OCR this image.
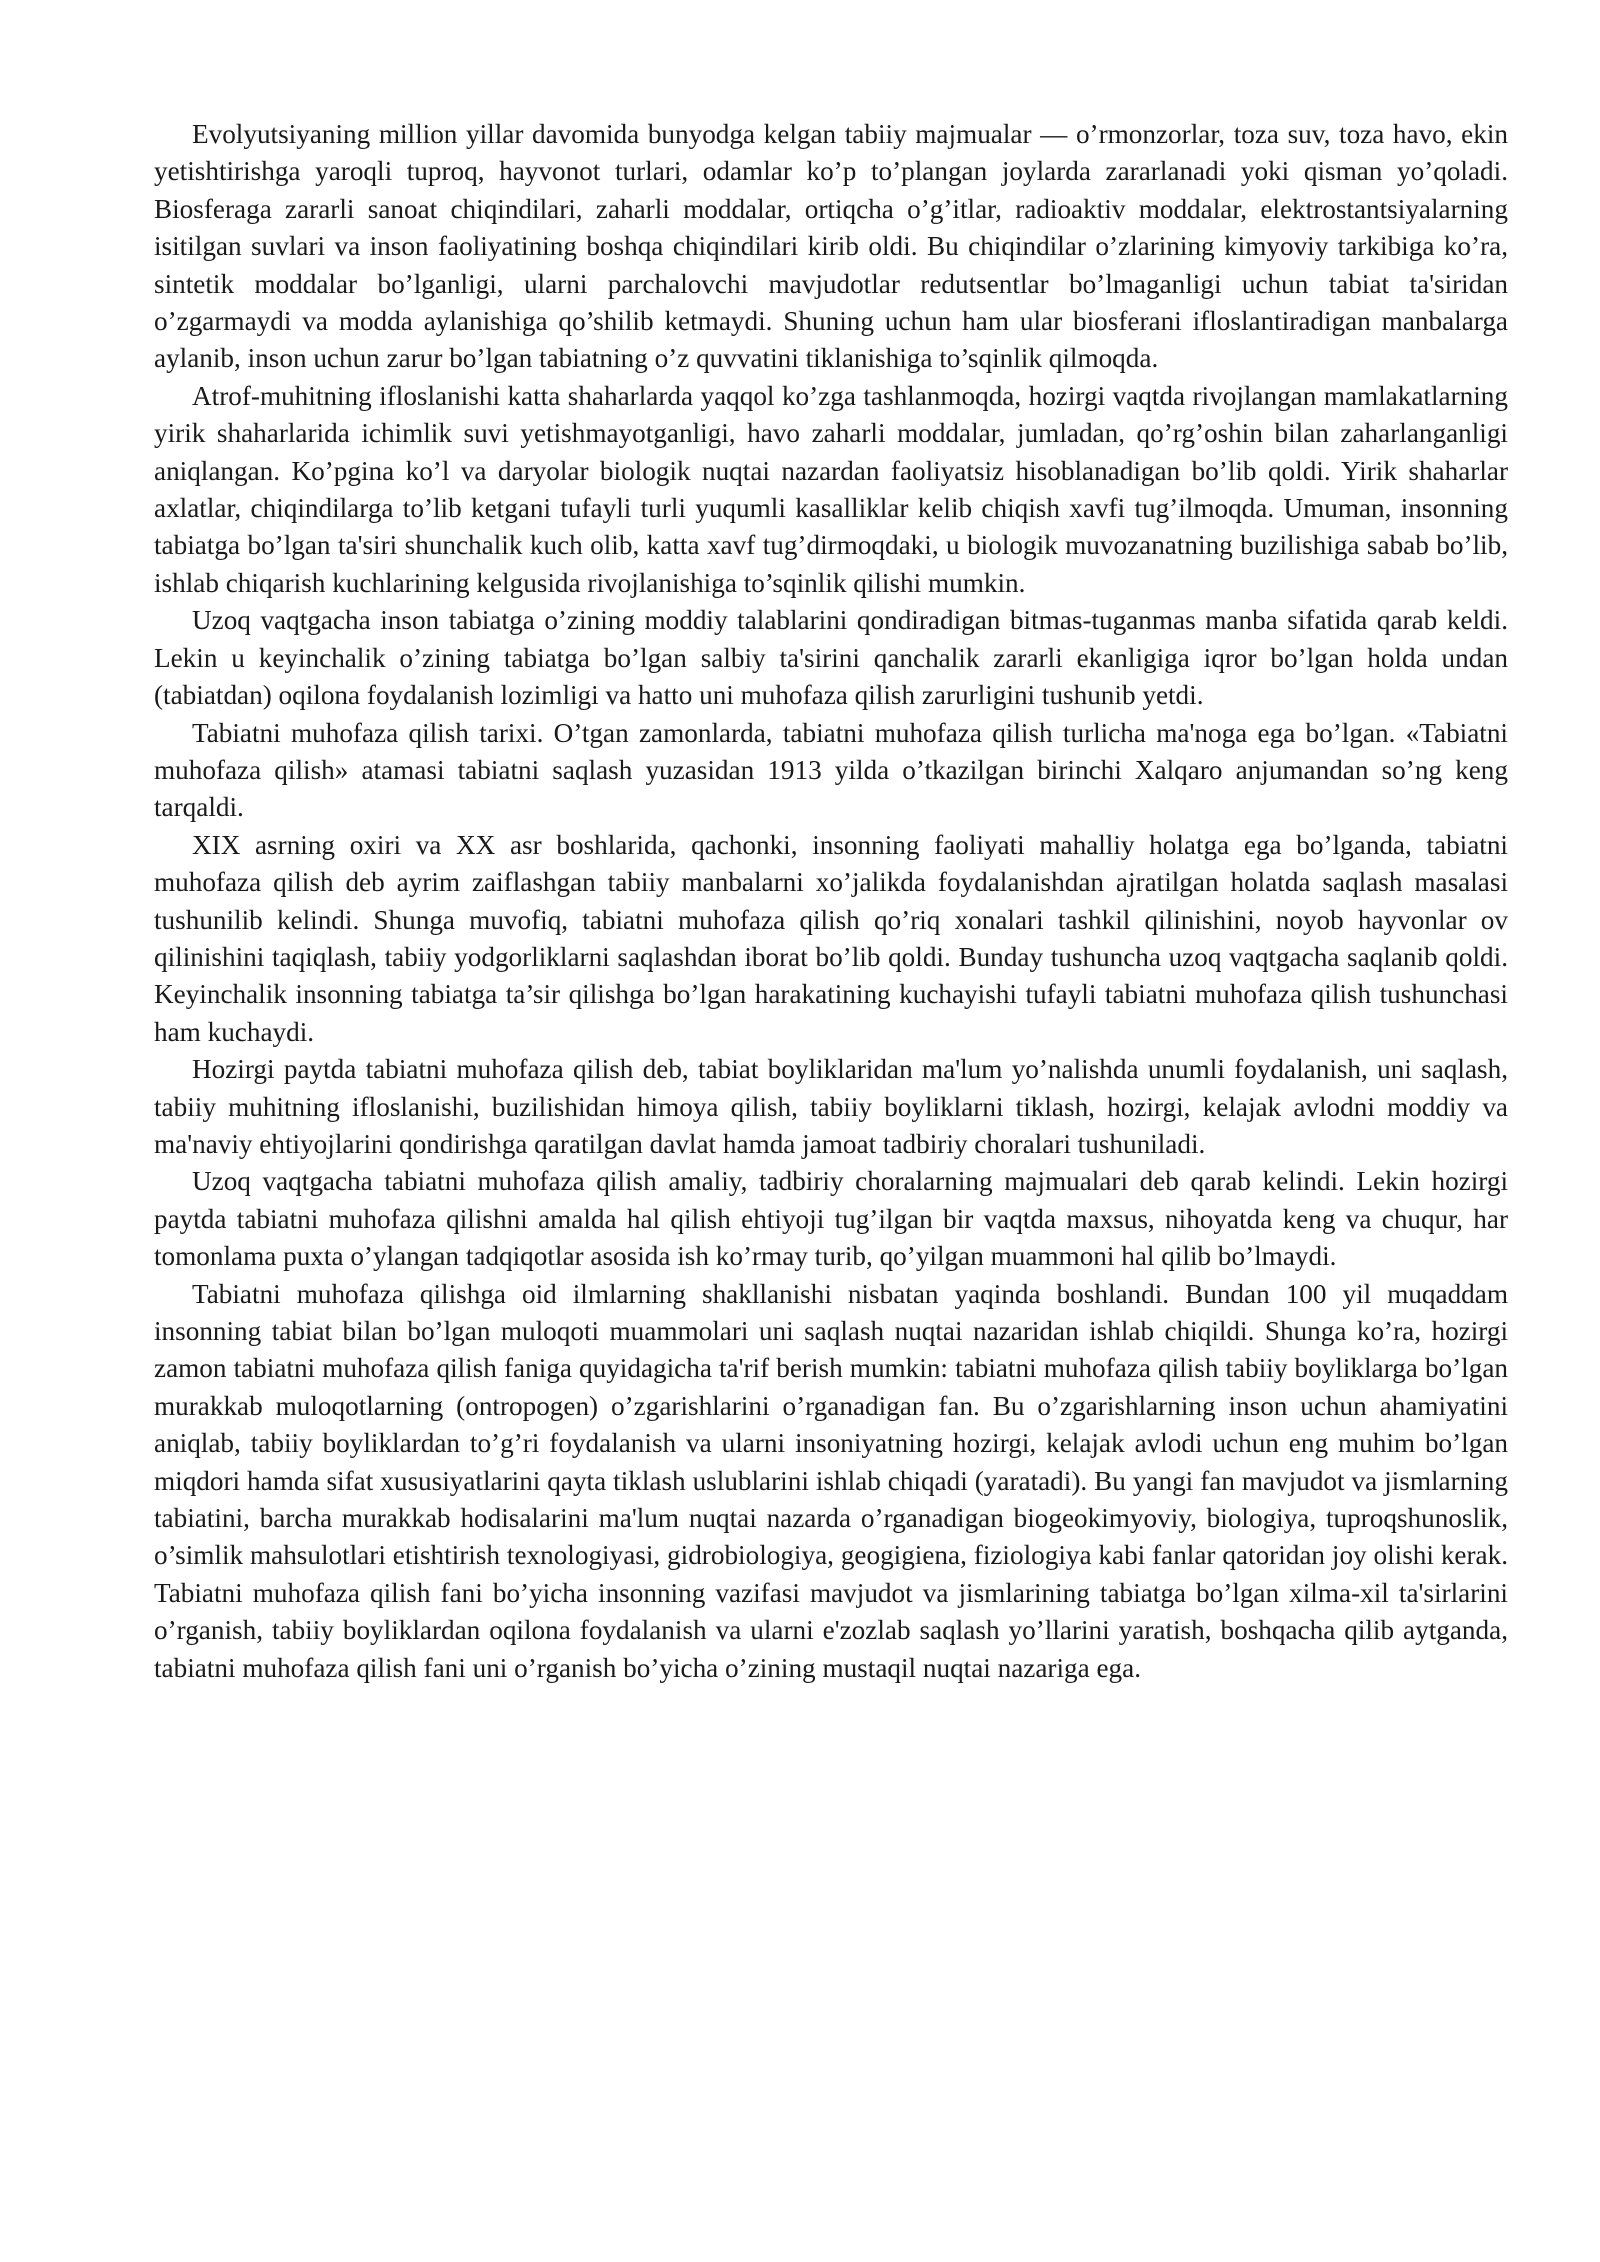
Evolyutsiyaning million yillar davomida bunyodga kelgan tabiiy majmualar — o’rmonzorlar, toza suv, toza havo, ekin yetishtirishga yaroqli tuproq, hayvonot turlari, odamlar ko’p to’plangan joylarda zararlanadi yoki qisman yo’qoladi. Biosferaga zararli sanoat chiqindilari, zaharli moddalar, ortiqcha o’g’itlar, radioaktiv moddalar, elektrostantsiyalarning isitilgan suvlari va inson faoliyatining boshqa chiqindilari kirib oldi. Bu chiqindilar o’zlarining kimyoviy tarkibiga ko’ra, sintetik moddalar bo’lganligi, ularni parchalovchi mavjudotlar redutsentlar bo’lmaganligi uchun tabiat ta'siridan o’zgarmaydi va modda aylanishiga qo’shilib ketmaydi. Shuning uchun ham ular biosferani ifloslantiradigan manbalarga aylanib, inson uchun zarur bo’lgan tabiatning o’z quvvatini tiklanishiga to’sqinlik qilmoqda.

Atrof-muhitning ifloslanishi katta shaharlarda yaqqol ko’zga tashlanmoqda, hozirgi vaqtda rivojlangan mamlakatlarning yirik shaharlarida ichimlik suvi yetishmayotganligi, havo zaharli moddalar, jumladan, qo’rg’oshin bilan zaharlanganligi aniqlangan. Ko’pgina ko’l va daryolar biologik nuqtai nazardan faoliyatsiz hisoblanadigan bo’lib qoldi. Yirik shaharlar axlatlar, chiqindilarga to’lib ketgani tufayli turli yuqumli kasalliklar kelib chiqish xavfi tug’ilmoqda. Umuman, insonning tabiatga bo’lgan ta'siri shunchalik kuch olib, katta xavf tug’dirmoqdaki, u biologik muvozanatning buzilishiga sabab bo’lib, ishlab chiqarish kuchlarining kelgusida rivojlanishiga to’sqinlik qilishi mumkin.

Uzoq vaqtgacha inson tabiatga o’zining moddiy talablarini qondiradigan bitmas-tuganmas manba sifatida qarab keldi. Lekin u keyinchalik o’zining tabiatga bo’lgan salbiy ta'sirini qanchalik zararli ekanligiga iqror bo’lgan holda undan (tabiatdan) oqilona foydalanish lozimligi va hatto uni muhofaza qilish zarurligini tushunib yetdi.

Tabiatni muhofaza qilish tarixi. O’tgan zamonlarda, tabiatni muhofaza qilish turlicha ma'noga ega bo’lgan. «Tabiatni muhofaza qilish» atamasi tabiatni saqlash yuzasidan 1913 yilda o’tkazilgan birinchi Xalqaro anjumandan so’ng keng tarqaldi.

XIX asrning oxiri va XX asr boshlarida, qachonki, insonning faoliyati mahalliy holatga ega bo’lganda, tabiatni muhofaza qilish deb ayrim zaiflashgan tabiiy manbalarni xo’jalikda foydalanishdan ajratilgan holatda saqlash masalasi tushunilib kelindi. Shunga muvofiq, tabiatni muhofaza qilish qo’riq xonalari tashkil qilinishini, noyob hayvonlar ov qilinishini taqiqlash, tabiiy yodgorliklarni saqlashdan iborat bo’lib qoldi. Bunday tushuncha uzoq vaqtgacha saqlanib qoldi. Keyinchalik insonning tabiatga ta’sir qilishga bo’lgan harakatining kuchayishi tufayli tabiatni muhofaza qilish tushunchasi ham kuchaydi.

Hozirgi paytda tabiatni muhofaza qilish deb, tabiat boyliklaridan ma'lum yo’nalishda unumli foydalanish, uni saqlash, tabiiy muhitning ifloslanishi, buzilishidan himoya qilish, tabiiy boyliklarni tiklash, hozirgi, kelajak avlodni moddiy va ma'naviy ehtiyojlarini qondirishga qaratilgan davlat hamda jamoat tadbiriy choralari tushuniladi.

Uzoq vaqtgacha tabiatni muhofaza qilish amaliy, tadbiriy choralarning majmualari deb qarab kelindi. Lekin hozirgi paytda tabiatni muhofaza qilishni amalda hal qilish ehtiyoji tug’ilgan bir vaqtda maxsus, nihoyatda keng va chuqur, har tomonlama puxta o’ylangan tadqiqotlar asosida ish ko’rmay turib, qo’yilgan muammoni hal qilib bo’lmaydi.

Tabiatni muhofaza qilishga oid ilmlarning shakllanishi nisbatan yaqinda boshlandi. Bundan 100 yil muqaddam insonning tabiat bilan bo’lgan muloqoti muammolari uni saqlash nuqtai nazaridan ishlab chiqildi. Shunga ko’ra, hozirgi zamon tabiatni muhofaza qilish faniga quyidagicha ta'rif berish mumkin: tabiatni muhofaza qilish tabiiy boyliklarga bo’lgan murakkab muloqotlarning (ontropogen) o’zgarishlarini o’rganadigan fan. Bu o’zgarishlarning inson uchun ahamiyatini aniqlab, tabiiy boyliklardan to’g’ri foydalanish va ularni insoniyatning hozirgi, kelajak avlodi uchun eng muhim bo’lgan miqdori hamda sifat xususiyatlarini qayta tiklash uslublarini ishlab chiqadi (yaratadi). Bu yangi fan mavjudot va jismlarning tabiatini, barcha murakkab hodisalarini ma'lum nuqtai nazarda o’rganadigan biogeokimyoviy, biologiya, tuproqshunoslik, o’simlik mahsulotlari etishtirish texnologiyasi, gidrobiologiya, geogigiena, fiziologiya kabi fanlar qatoridan joy olishi kerak. Tabiatni muhofaza qilish fani bo’yicha insonning vazifasi mavjudot va jismlarining tabiatga bo’lgan xilma-xil ta'sirlarini o’rganish, tabiiy boyliklardan oqilona foydalanish va ularni e'zozlab saqlash yo’llarini yaratish, boshqacha qilib aytganda, tabiatni muhofaza qilish fani uni o’rganish bo’yicha o’zining mustaqil nuqtai nazariga ega.
